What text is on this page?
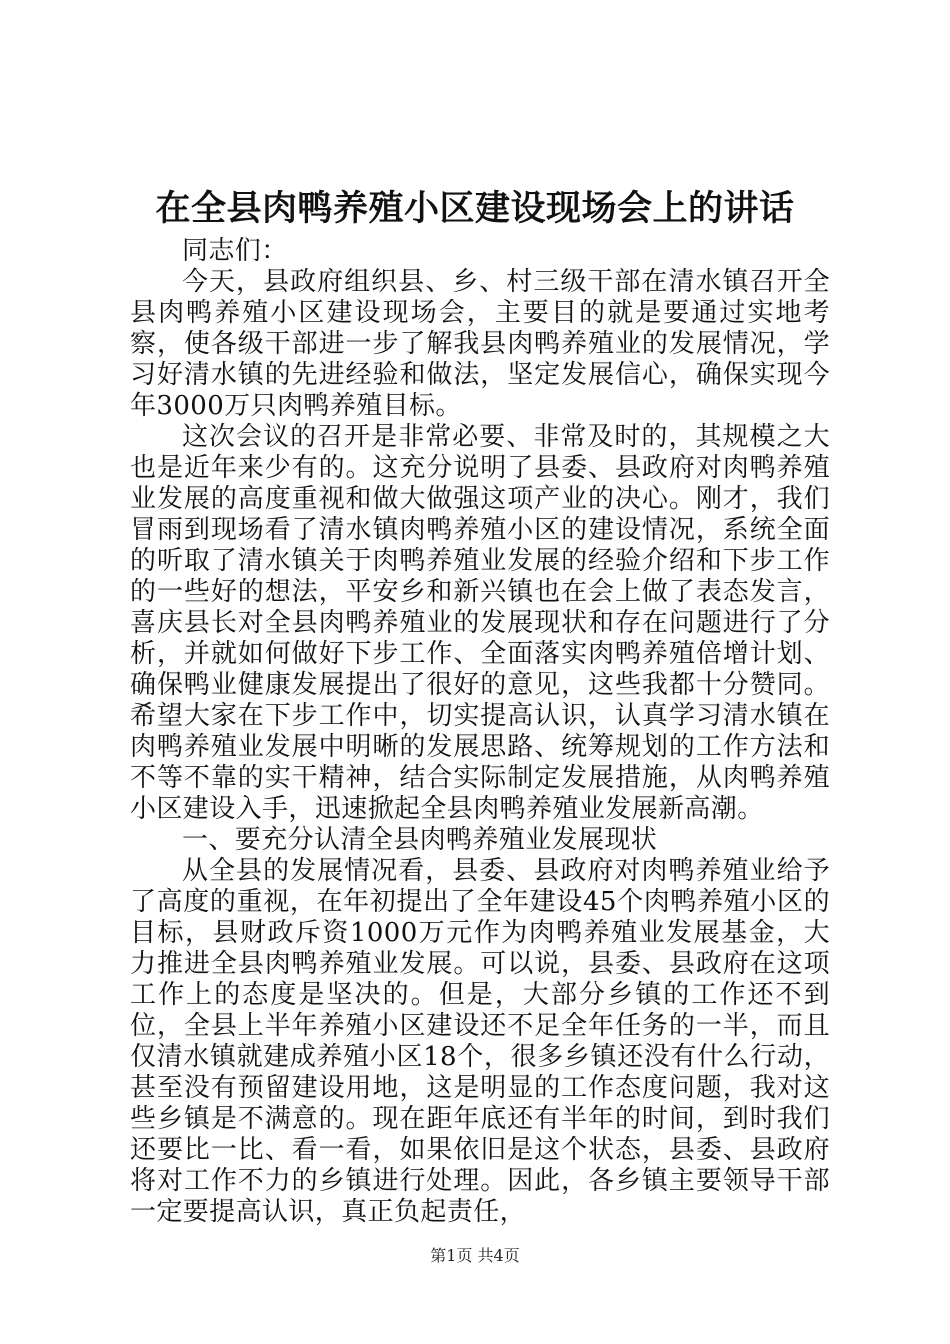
在全县肉鸭养殖小区建设现场会上的讲话

同志们：

今天，县政府组织县、乡、村三级干部在清水镇召开全县肉鸭养殖小区建设现场会，主要目的就是要通过实地考察，使各级干部进一步了解我县肉鸭养殖业的发展情况，学习好清水镇的先进经验和做法，坚定发展信心，确保实现今年3000万只肉鸭养殖目标。

这次会议的召开是非常必要、非常及时的，其规模之大也是近年来少有的。这充分说明了县委、县政府对肉鸭养殖业发展的高度重视和做大做强这项产业的决心。刚才，我们冒雨到现场看了清水镇肉鸭养殖小区的建设情况，系统全面的听取了清水镇关于肉鸭养殖业发展的经验介绍和下步工作的一些好的想法，平安乡和新兴镇也在会上做了表态发言，喜庆县长对全县肉鸭养殖业的发展现状和存在问题进行了分析，并就如何做好下步工作、全面落实肉鸭养殖倍增计划、确保鸭业健康发展提出了很好的意见，这些我都十分赞同。希望大家在下步工作中，切实提高认识，认真学习清水镇在肉鸭养殖业发展中明晰的发展思路、统筹规划的工作方法和不等不靠的实干精神，结合实际制定发展措施，从肉鸭养殖小区建设入手，迅速掀起全县肉鸭养殖业发展新高潮。

一、要充分认清全县肉鸭养殖业发展现状

从全县的发展情况看，县委、县政府对肉鸭养殖业给予了高度的重视，在年初提出了全年建设45个肉鸭养殖小区的目标，县财政斥资1000万元作为肉鸭养殖业发展基金，大力推进全县肉鸭养殖业发展。可以说，县委、县政府在这项工作上的态度是坚决的。但是，大部分乡镇的工作还不到位，全县上半年养殖小区建设还不足全年任务的一半，而且仅清水镇就建成养殖小区18个，很多乡镇还没有什么行动，甚至没有预留建设用地，这是明显的工作态度问题，我对这些乡镇是不满意的。现在距年底还有半年的时间，到时我们还要比一比、看一看，如果依旧是这个状态，县委、县政府将对工作不力的乡镇进行处理。因此，各乡镇主要领导干部一定要提高认识，真正负起责任，

第1页 共4页
